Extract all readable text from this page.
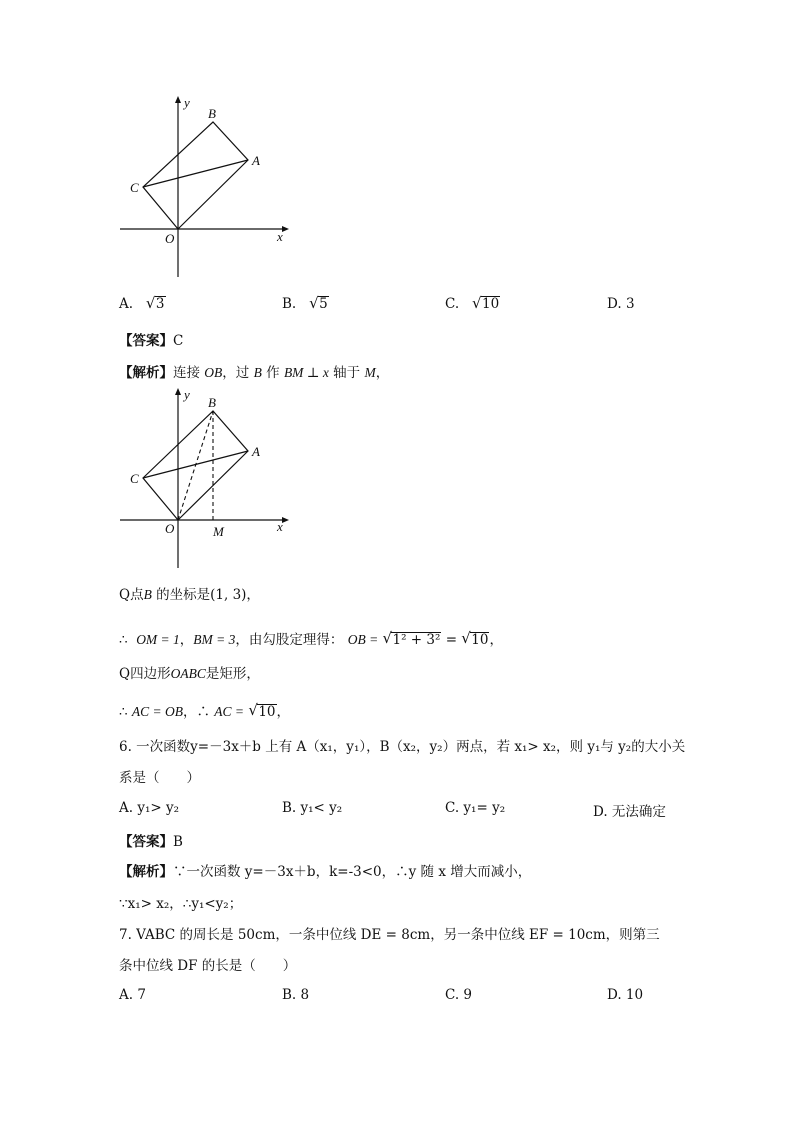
y
B
A
C
O	x
A. √ 3	B. √ 5	C. √ 10	D. 3
【答案】C
【解析】连接 OB，过 B 作 BM ⊥ x 轴于 M，
y
B
A
C
O	M	x
Q点B 的坐标是(1, 3)，
∴ OM = 1，BM = 3，由勾股定理得： OB = √ 1² + 3² = √ 10，
Q四边形OABC是矩形，
∴ AC = OB，∴ AC = √ 10，
6. 一次函数y=－3x＋b 上有 A（x₁，y₁），B（x₂，y₂）两点，若 x₁> x₂，则 y₁与 y₂的大小关
系是（　　）
A. y₁> y₂	B. y₁< y₂	C. y₁= y₂	D. 无法确定
【答案】B
【解析】∵一次函数 y=－3x＋b，k=-3<0，∴y 随 x 增大而减小，
∵x₁> x₂，∴y₁<y₂；
7. VABC 的周长是 50cm，一条中位线 DE = 8cm，另一条中位线 EF = 10cm，则第三
条中位线 DF 的长是（　　）
A. 7	B. 8	C. 9	D. 10
